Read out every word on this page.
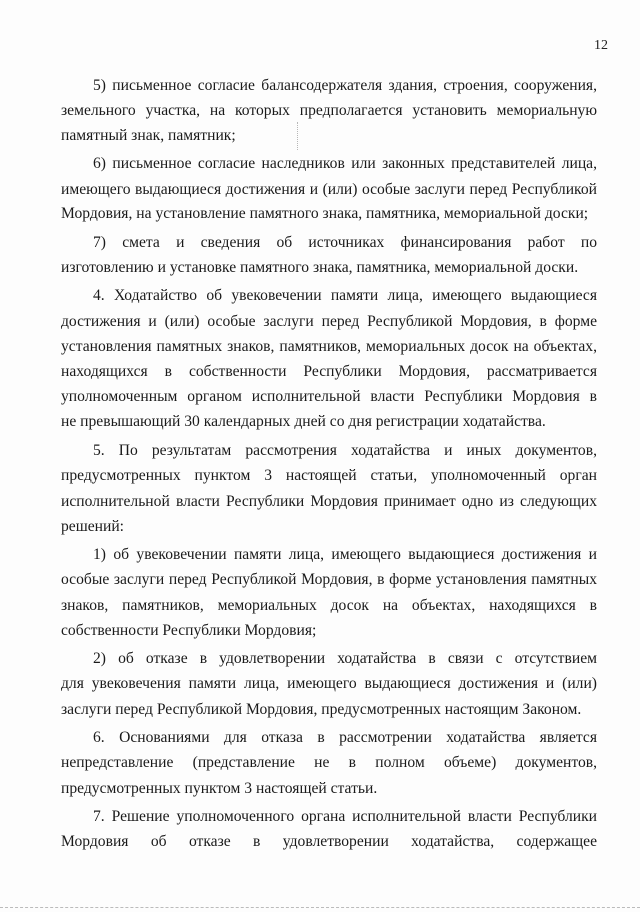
12
5) письменное согласие балансодержателя здания, строения, сооружения,
земельного участка, на которых предполагается установить мемориальную
памятный знак, памятник;
6) письменное согласие наследников или законных представителей лица,
имеющего выдающиеся достижения и (или) особые заслуги перед Республикой
Мордовия, на установление памятного знака, памятника, мемориальной доски;
7) смета и сведения об источниках финансирования работ по
изготовлению и установке памятного знака, памятника, мемориальной доски.
4. Ходатайство об увековечении памяти лица, имеющего выдающиеся
достижения и (или) особые заслуги перед Республикой Мордовия, в форме
установления памятных знаков, памятников, мемориальных досок на объектах,
находящихся в собственности Республики Мордовия, рассматривается
уполномоченным органом исполнительной власти Республики Мордовия в
не превышающий 30 календарных дней со дня регистрации ходатайства.
5. По результатам рассмотрения ходатайства и иных документов,
предусмотренных пунктом 3 настоящей статьи, уполномоченный орган
исполнительной власти Республики Мордовия принимает одно из следующих
решений:
1) об увековечении памяти лица, имеющего выдающиеся достижения и
особые заслуги перед Республикой Мордовия, в форме установления памятных
знаков, памятников, мемориальных досок на объектах, находящихся в
собственности Республики Мордовия;
2) об отказе в удовлетворении ходатайства в связи с отсутствием
для увековечения памяти лица, имеющего выдающиеся достижения и (или)
заслуги перед Республикой Мордовия, предусмотренных настоящим Законом.
6. Основаниями для отказа в рассмотрении ходатайства является
непредставление (представление не в полном объеме) документов,
предусмотренных пунктом 3 настоящей статьи.
7. Решение уполномоченного органа исполнительной власти Республики
Мордовия об отказе в удовлетворении ходатайства, содержащее
